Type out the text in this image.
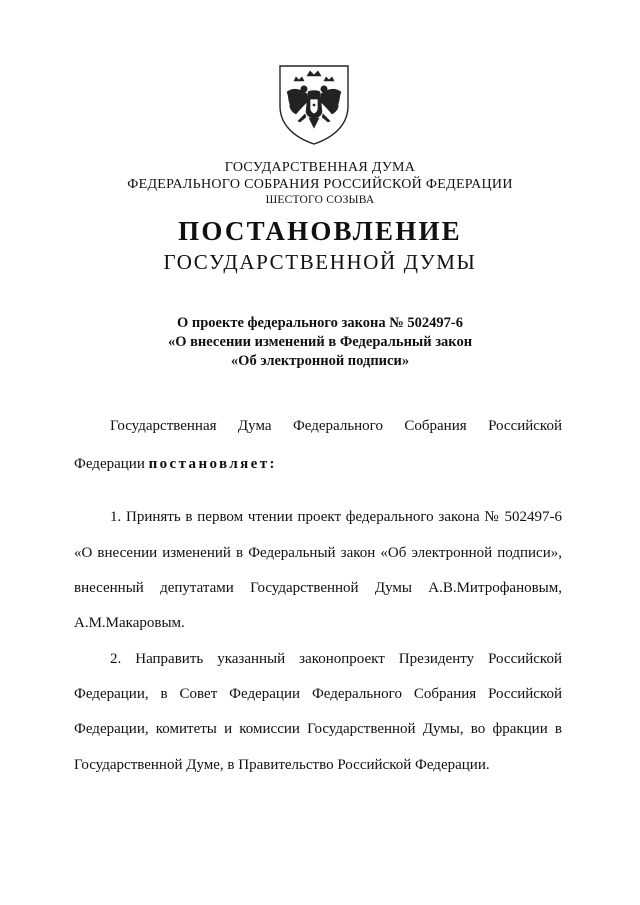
ГОСУДАРСТВЕННАЯ ДУМА
ФЕДЕРАЛЬНОГО СОБРАНИЯ РОССИЙСКОЙ ФЕДЕРАЦИИ
ШЕСТОГО СОЗЫВА
ПОСТАНОВЛЕНИЕ
ГОСУДАРСТВЕННОЙ ДУМЫ
О проекте федерального закона № 502497-6
«О внесении изменений в Федеральный закон
«Об электронной подписи»
Государственная Дума Федерального Собрания Российской
Федерации постановляет:
1. Принять в первом чтении проект федерального закона № 502497-6
«О внесении изменений в Федеральный закон «Об электронной подписи»,
внесенный депутатами Государственной Думы А.В.Митрофановым,
А.М.Макаровым.
2. Направить указанный законопроект Президенту Российской
Федерации, в Совет Федерации Федерального Собрания Российской
Федерации, комитеты и комиссии Государственной Думы, во фракции в
Государственной Думе, в Правительство Российской Федерации.
